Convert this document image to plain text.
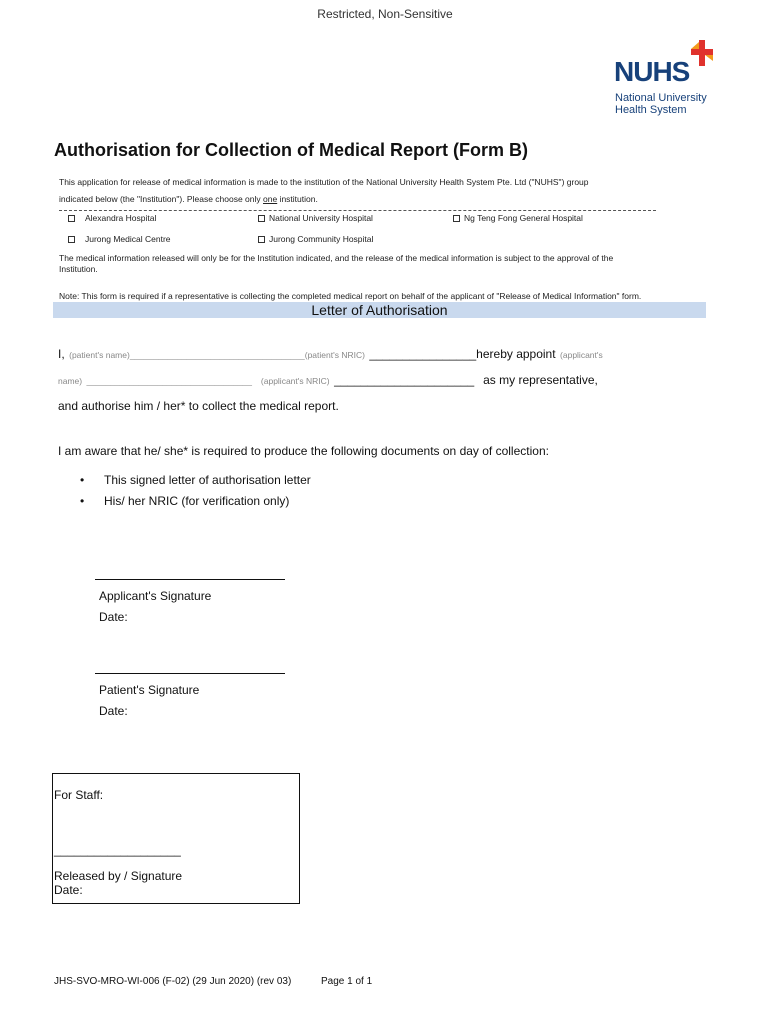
Restricted, Non-Sensitive
NUHS
National University
Health System
Authorisation for Collection of Medical Report (Form B)
This application for release of medical information is made to the institution of the National University Health System Pte. Ltd ("NUHS") group
indicated below (the "Institution"). Please choose only one institution.
Alexandra Hospital	National University Hospital	Ng Teng Fong General Hospital
Jurong Medical Centre	Jurong Community Hospital
The medical information released will only be for the Institution indicated, and the release of the medical information is subject to the approval of the Institution.
Note: This form is required if a representative is collecting the completed medical report on behalf of the applicant of "Release of Medical Information" form.
Letter of Authorisation
I, (patient's name)_____________________________________(patient's NRIC) ________________hereby appoint (applicant's
name) ___________________________________ (applicant's NRIC) _____________________ as my representative,
and authorise him / her* to collect the medical report.
I am aware that he/ she* is required to produce the following documents on day of collection:
• This signed letter of authorisation letter
• His/ her NRIC (for verification only)
Applicant's Signature
Date:
Patient's Signature
Date:
For Staff:
___________________
Released by / Signature
Date:
JHS-SVO-MRO-WI-006 (F-02) (29 Jun 2020) (rev 03)	Page 1 of 1
